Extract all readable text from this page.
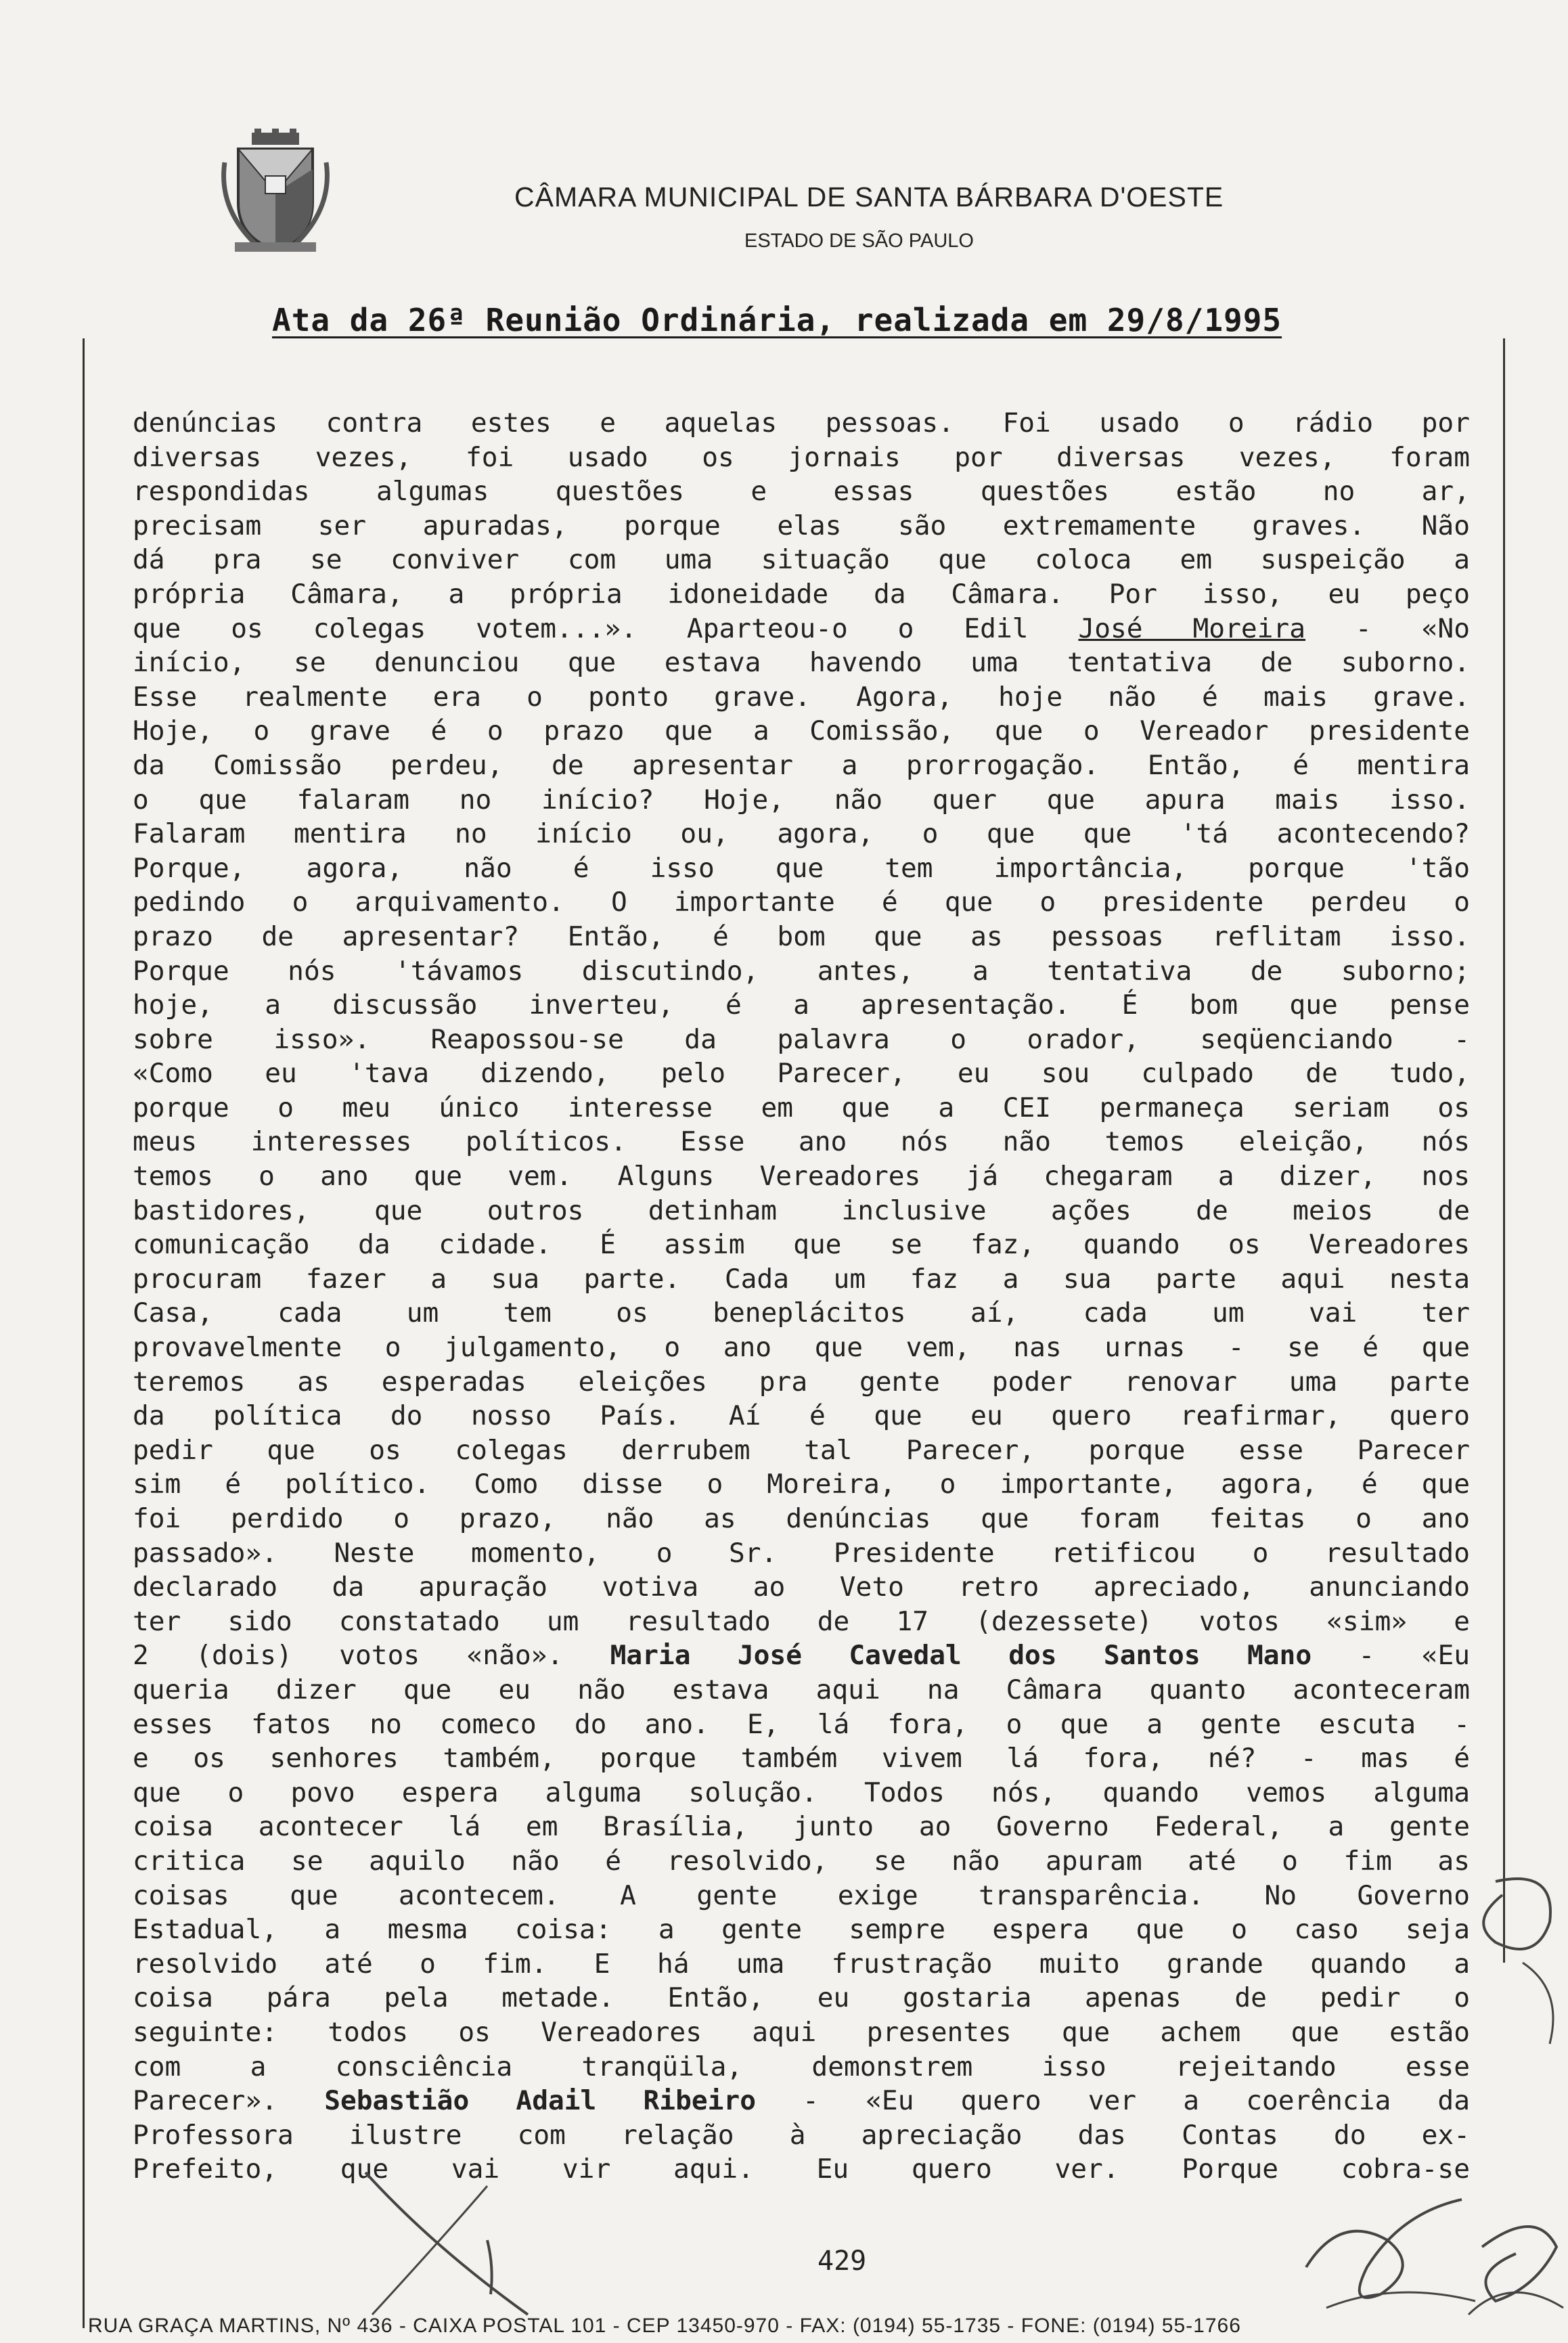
CÂMARA MUNICIPAL DE SANTA BÁRBARA D'OESTE
ESTADO DE SÃO PAULO
Ata da 26ª Reunião Ordinária, realizada em 29/8/1995
denúncias contra estes e aquelas pessoas. Foi usado o rádio por
diversas vezes, foi usado os jornais por diversas vezes, foram
respondidas algumas questões e essas questões estão no ar,
precisam ser apuradas, porque elas são extremamente graves. Não
dá pra se conviver com uma situação que coloca em suspeição a
própria Câmara, a própria idoneidade da Câmara. Por isso, eu peço
que os colegas votem...». Aparteou-o o Edil José Moreira - «No
início, se denunciou que estava havendo uma tentativa de suborno.
Esse realmente era o ponto grave. Agora, hoje não é mais grave.
Hoje, o grave é o prazo que a Comissão, que o Vereador presidente
da Comissão perdeu, de apresentar a prorrogação. Então, é mentira
o que falaram no início? Hoje, não quer que apura mais isso.
Falaram mentira no início ou, agora, o que que 'tá acontecendo?
Porque, agora, não é isso que tem importância, porque 'tão
pedindo o arquivamento. O importante é que o presidente perdeu o
prazo de apresentar? Então, é bom que as pessoas reflitam isso.
Porque nós 'távamos discutindo, antes, a tentativa de suborno;
hoje, a discussão inverteu, é a apresentação. É bom que pense
sobre isso». Reapossou-se da palavra o orador, seqüenciando -
«Como eu 'tava dizendo, pelo Parecer, eu sou culpado de tudo,
porque o meu único interesse em que a CEI permaneça seriam os
meus interesses políticos. Esse ano nós não temos eleição, nós
temos o ano que vem. Alguns Vereadores já chegaram a dizer, nos
bastidores, que outros detinham inclusive ações de meios de
comunicação da cidade. É assim que se faz, quando os Vereadores
procuram fazer a sua parte. Cada um faz a sua parte aqui nesta
Casa, cada um tem os beneplácitos aí, cada um vai ter
provavelmente o julgamento, o ano que vem, nas urnas - se é que
teremos as esperadas eleições pra gente poder renovar uma parte
da política do nosso País. Aí é que eu quero reafirmar, quero
pedir que os colegas derrubem tal Parecer, porque esse Parecer
sim é político. Como disse o Moreira, o importante, agora, é que
foi perdido o prazo, não as denúncias que foram feitas o ano
passado». Neste momento, o Sr. Presidente retificou o resultado
declarado da apuração votiva ao Veto retro apreciado, anunciando
ter sido constatado um resultado de 17 (dezessete) votos «sim» e
2 (dois) votos «não». Maria José Cavedal dos Santos Mano - «Eu
queria dizer que eu não estava aqui na Câmara quanto aconteceram
esses fatos no comeco do ano. E, lá fora, o que a gente escuta -
e os senhores também, porque também vivem lá fora, né? - mas é
que o povo espera alguma solução. Todos nós, quando vemos alguma
coisa acontecer lá em Brasília, junto ao Governo Federal, a gente
critica se aquilo não é resolvido, se não apuram até o fim as
coisas que acontecem. A gente exige transparência. No Governo
Estadual, a mesma coisa: a gente sempre espera que o caso seja
resolvido até o fim. E há uma frustração muito grande quando a
coisa pára pela metade. Então, eu gostaria apenas de pedir o
seguinte: todos os Vereadores aqui presentes que achem que estão
com a consciência tranqüila, demonstrem isso rejeitando esse
Parecer». Sebastião Adail Ribeiro - «Eu quero ver a coerência da
Professora ilustre com relação à apreciação das Contas do ex-
Prefeito, que vai vir aqui. Eu quero ver. Porque cobra-se
429
RUA GRAÇA MARTINS, Nº 436 - CAIXA POSTAL 101 - CEP 13450-970 - FAX: (0194) 55-1735 - FONE: (0194) 55-1766
